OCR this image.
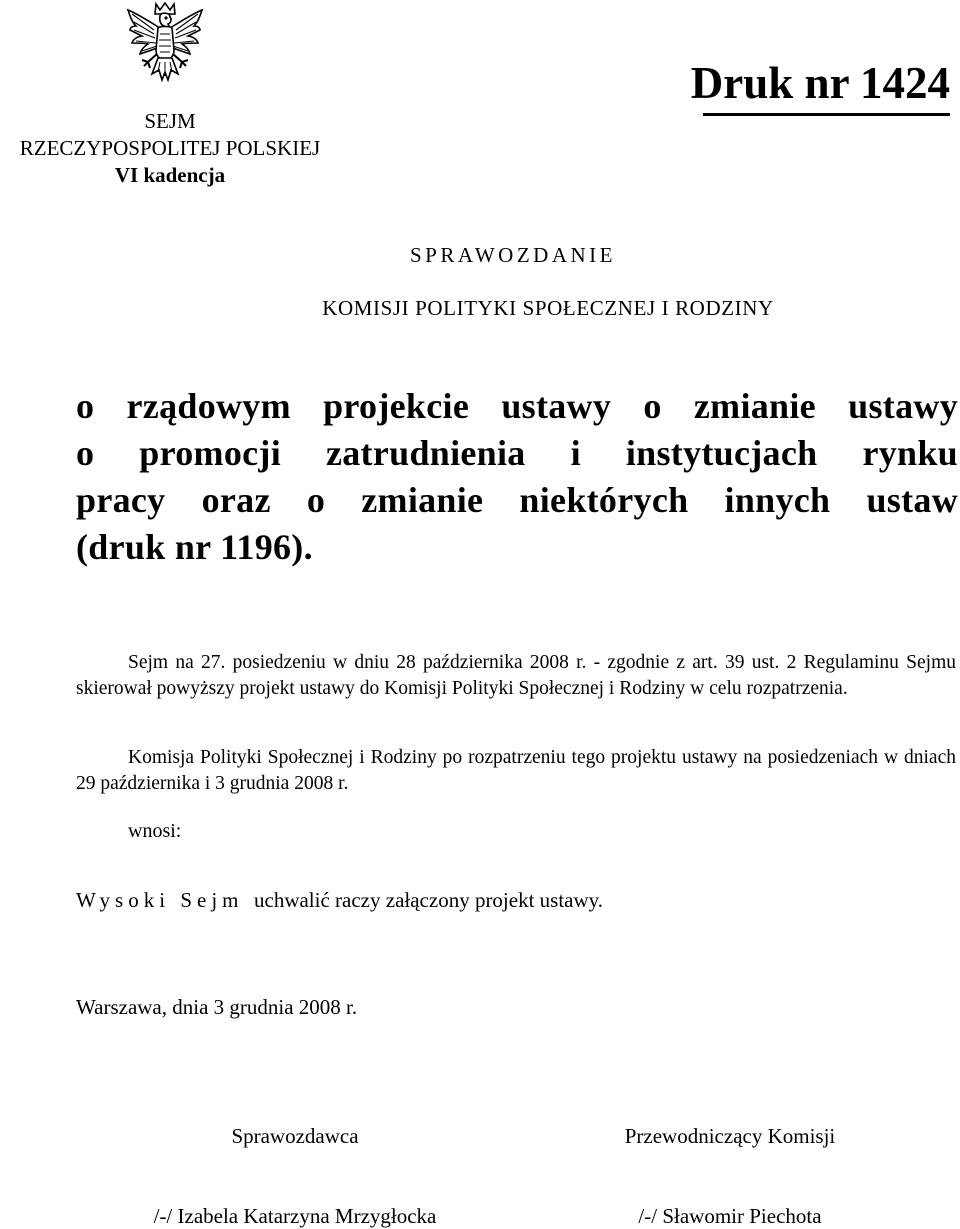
SEJM
RZECZYPOSPOLITEJ POLSKIEJ
VI kadencja
Druk nr 1424
SPRAWOZDANIE
KOMISJI POLITYKI SPOŁECZNEJ I RODZINY
o rządowym projekcie ustawy o zmianie ustawy
o promocji zatrudnienia i instytucjach rynku
pracy oraz o zmianie niektórych innych ustaw
(druk nr 1196).
Sejm na 27. posiedzeniu w dniu 28 października 2008 r. - zgodnie z art. 39 ust. 2 Regulaminu Sejmu skierował powyższy projekt ustawy do Komisji Polityki Społecznej i Rodziny w celu rozpatrzenia.
Komisja Polityki Społecznej i Rodziny po rozpatrzeniu tego projektu ustawy na posiedzeniach w dniach 29 października i 3 grudnia 2008 r.
wnosi:
Wysoki Sejm uchwalić raczy załączony projekt ustawy.
Warszawa, dnia 3 grudnia 2008 r.
Sprawozdawca	Przewodniczący Komisji
/-/ Izabela Katarzyna Mrzygłocka	/-/ Sławomir Piechota
